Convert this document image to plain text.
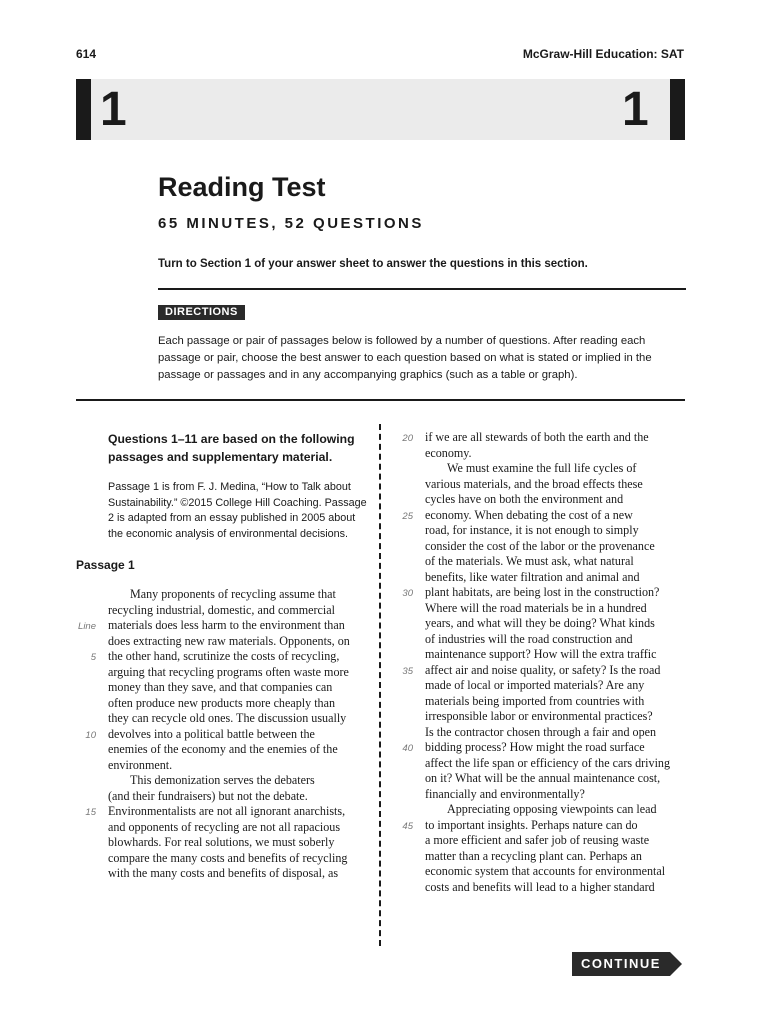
614	McGraw-Hill Education: SAT
1	1
Reading Test
65 MINUTES, 52 QUESTIONS

Turn to Section 1 of your answer sheet to answer the questions in this section.

DIRECTIONS

Each passage or pair of passages below is followed by a number of questions. After reading each passage or pair, choose the best answer to each question based on what is stated or implied in the passage or passages and in any accompanying graphics (such as a table or graph).

Questions 1–11 are based on the following passages and supplementary material.

Passage 1 is from F. J. Medina, “How to Talk about Sustainability.” ©2015 College Hill Coaching. Passage 2 is adapted from an essay published in 2005 about the economic analysis of environmental decisions.

Passage 1

Many proponents of recycling assume that
recycling industrial, domestic, and commercial
Line materials does less harm to the environment than
does extracting new raw materials. Opponents, on
5 the other hand, scrutinize the costs of recycling,
arguing that recycling programs often waste more
money than they save, and that companies can
often produce new products more cheaply than
they can recycle old ones. The discussion usually
10 devolves into a political battle between the
enemies of the economy and the enemies of the
environment.
This demonization serves the debaters
(and their fundraisers) but not the debate.
15 Environmentalists are not all ignorant anarchists,
and opponents of recycling are not all rapacious
blowhards. For real solutions, we must soberly
compare the many costs and benefits of recycling
with the many costs and benefits of disposal, as
20 if we are all stewards of both the earth and the
economy.
We must examine the full life cycles of
various materials, and the broad effects these
cycles have on both the environment and
25 economy. When debating the cost of a new
road, for instance, it is not enough to simply
consider the cost of the labor or the provenance
of the materials. We must ask, what natural
benefits, like water filtration and animal and
30 plant habitats, are being lost in the construction?
Where will the road materials be in a hundred
years, and what will they be doing? What kinds
of industries will the road construction and
maintenance support? How will the extra traffic
35 affect air and noise quality, or safety? Is the road
made of local or imported materials? Are any
materials being imported from countries with
irresponsible labor or environmental practices?
Is the contractor chosen through a fair and open
40 bidding process? How might the road surface
affect the life span or efficiency of the cars driving
on it? What will be the annual maintenance cost,
financially and environmentally?
Appreciating opposing viewpoints can lead
45 to important insights. Perhaps nature can do
a more efficient and safer job of reusing waste
matter than a recycling plant can. Perhaps an
economic system that accounts for environmental
costs and benefits will lead to a higher standard
CONTINUE
